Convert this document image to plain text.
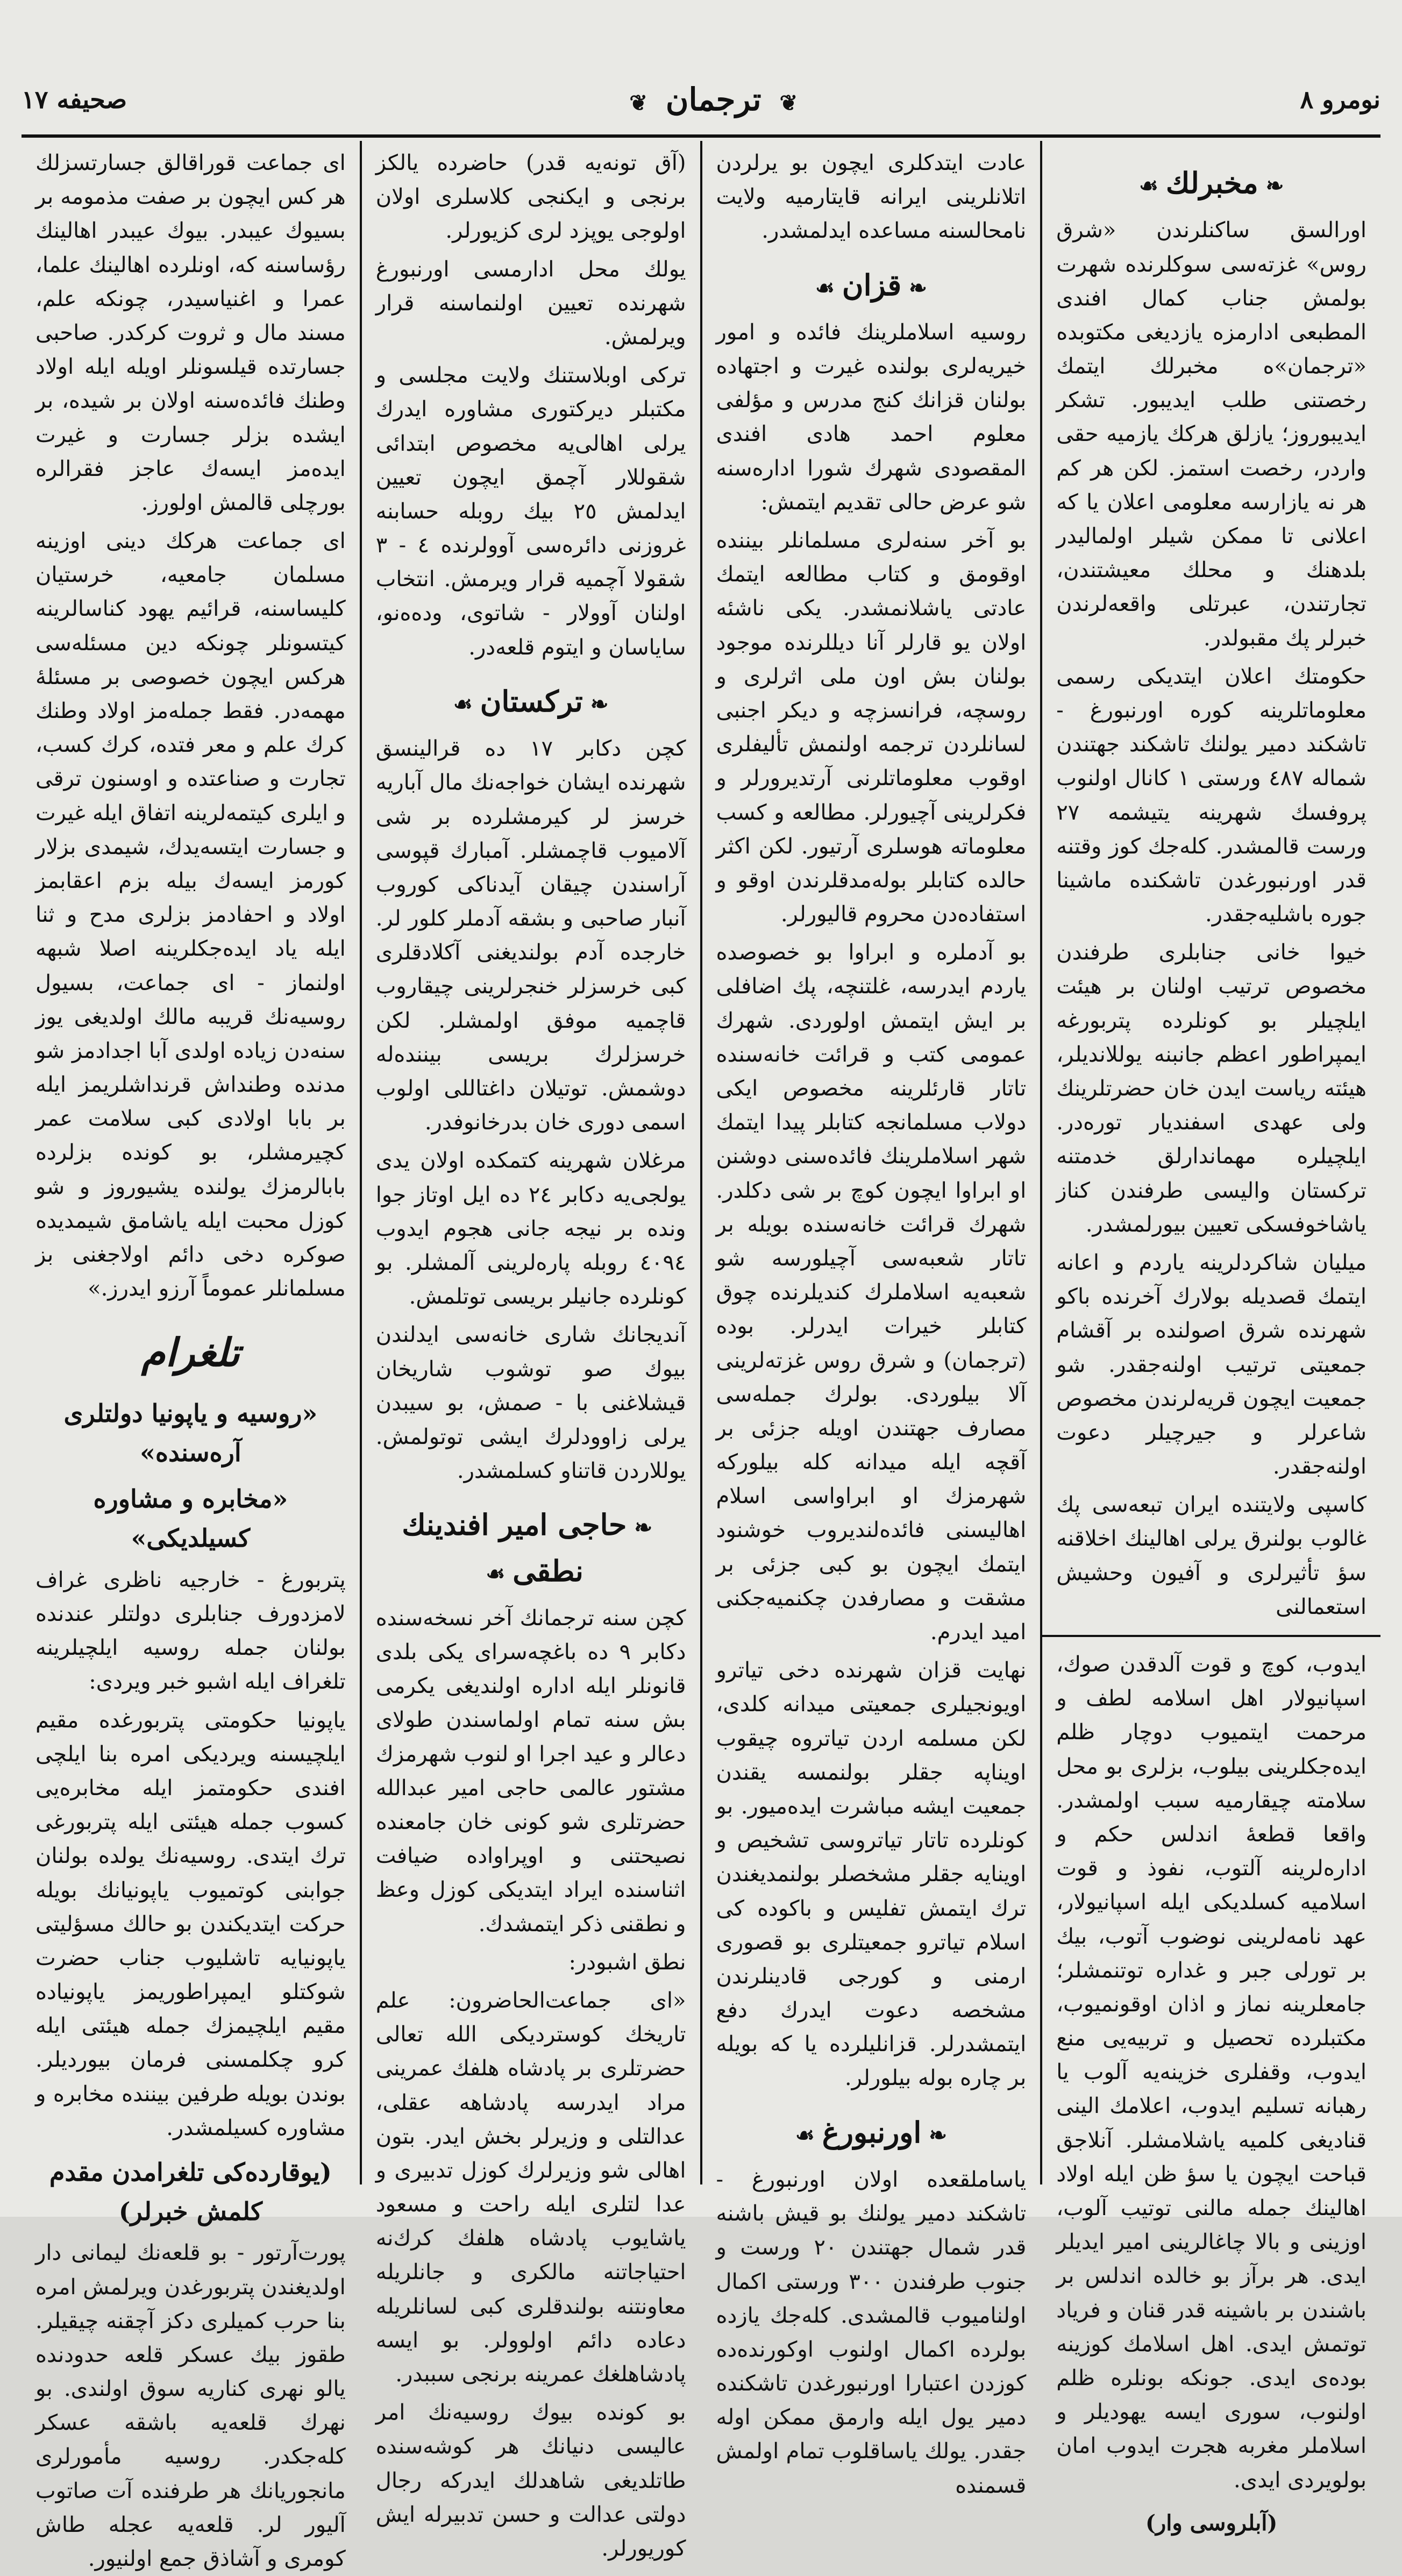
نومرو ٨
❦ ترجمان ❦
صحيفه ١٧
❧مخبرلك☙

اورالسق ساكنلرندن «شرق روس» غزته‌سی سوكلرنده شهرت بولمش جناب كمال افندی المطبعی ادارمزه یازدیغی مكتوبده «ترجمان»ه مخبرلك ایتمك رخصتنی طلب ایدیبور. تشكر ایدیبوروز؛ یازلق هركك یازمیه حقی واردر، رخصت استمز. لكن هر كم هر نه یازارسه معلومی اعلان یا كه اعلانی تا ممكن شیلر اولمالیدر بلدهنك و محلك معیشتندن، تجارتندن، عبرتلی واقعه‌لرندن خبرلر پك مقبولدر.

حكومتك اعلان ایتدیكی رسمی معلوماتلرینه كوره اورنبورغ - تاشكند دمیر یولنك تاشكند جهتندن شماله ٤٨٧ ورستی ١ كانال اولنوب پروفسك شهرینه یتیشمه ٢٧ ورست قالمشدر. كله‌جك كوز وقتنه قدر اورنبورغدن تاشكنده ماشینا جوره باشلیه‌جقدر.

خیوا خانی جنابلری طرفندن مخصوص ترتیب اولنان بر هیئت ایلچیلر بو كونلرده پتربورغه ایمپراطور اعظم جانبنه یوللاندیلر، هیئته ریاست ایدن خان حضرتلرینك ولی عهدی اسفندیار توره‌در. ایلچیلره مهماندارلق خدمتنه تركستان والیسی طرفندن كناز یاشاخوفسكی تعیین بیورلمشدر.

میلیان شاكردلرینه یاردم و اعانه ایتمك قصدیله بولارك آخرنده باكو شهرنده شرق اصولنده بر آقشام جمعیتی ترتیب اولنه‌جقدر. شو جمعیت ایچون قریه‌لرندن مخصوص شاعرلر و جیرچیلر دعوت اولنه‌جقدر.

كاسپی ولایتنده ایران تبعه‌سی پك غالوب بولنرق یرلی اهالینك اخلاقنه سؤ تأثیرلری و آفیون وحشیش استعمالنی

ایدوب، كوچ و قوت آلدقدن صوك، اسپانیولار اهل اسلامه لطف و مرحمت ایتمیوب دوچار ظلم ایده‌جكلرینی بیلوب، بزلری بو محل سلامته چیقارمیه سبب اولمشدر. واقعا قطعۀ اندلس حكم و اداره‌لرینه آلتوب، نفوذ و قوت اسلامیه كسلدیكی ایله اسپانیولار، عهد نامه‌لرینی نوضوب آتوب، بیك بر تورلی جبر و غداره توتنمشلر؛ جامعلرینه نماز و اذان اوقونمیوب، مكتبلرده تحصیل و تربیه‌یی منع ایدوب، وقفلری خزینه‌یه آلوب یا رهبانه تسلیم ایدوب، اعلامك الینی قنادیغی كلمیه یاشلامشلر. آنلاجق قباحت ایچون یا سؤ ظن ایله اولاد اهالینك جمله مالنی توتیب آلوب، اوزینی و بالا چاغالرینی امیر ایدیلر ایدی. هر برآز بو خالده اندلس بر باشندن بر باشینه قدر قنان و فریاد توتمش ایدی. اهل اسلامك كوزینه بوده‌ی ایدی. جونكه بونلره ظلم اولنوب، سوری ایسه یهودیلر و اسلاملر مغربه هجرت ایدوب امان بولویردی ایدی.

(آبلروسی وار)

عادت ایتدكلری ایچون بو یرلردن اتلانلرینی ایرانه قایتارمیه ولایت نامحالسنه مساعده ایدلمشدر.

❧قزان☙

روسیه اسلاملرینك فائده و امور خیریه‌لری بولنده غیرت و اجتهاده بولنان قزانك كنج مدرس و مؤلفی معلوم احمد هادی افندی المقصودی شهرك شورا اداره‌سنه شو عرض حالی تقدیم ایتمش:

بو آخر سنه‌لری مسلمانلر بیننده اوقومق و كتاب مطالعه ایتمك عادتی یاشلانمشدر. یكی ناشئه اولان یو قارلر آنا دیللرنده موجود بولنان بش اون ملی اثرلری و روسچه، فرانسزچه و دیكر اجنبی لسانلردن ترجمه اولنمش تألیفلری اوقوب معلوماتلرنی آرتدیرورلر و فكرلرینی آچیورلر. مطالعه و كسب معلوماته هوسلری آرتیور. لكن اكثر حالده كتابلر بوله‌مدقلرندن اوقو و استفاده‌دن محروم قالیورلر.

بو آدملره و ابراوا بو خصوصده یاردم ایدرسه، غلتنچه، پك اضافلی بر ایش ایتمش اولوردی. شهرك عمومی كتب و قرائت خانه‌سنده تاتار قارئلرینه مخصوص ایكی دولاب مسلمانجه كتابلر پیدا ایتمك شهر اسلاملرینك فائده‌سنی دوشنن او ابراوا ایچون كوچ بر شی دكلدر. شهرك قرائت خانه‌سنده بویله بر تاتار شعبه‌سی آچیلورسه شو شعبه‌یه اسلاملرك كندیلرنده چوق كتابلر خیرات ایدرلر. بوده (ترجمان) و شرق روس غزته‌لرینی آلا بیلوردی. بولرك جمله‌سی مصارف جهتندن اویله جزئی بر آقچه ایله میدانه كله بیلورکه شهرمزك او ابراواسی اسلام اهالیسنی فائده‌لندیروب خوشنود ایتمك ایچون بو كبی جزئی بر مشقت و مصارفدن چكنمیه‌جكنی امید ایدرم.

نهایت قزان شهرنده دخی تیاترو اویونجیلری جمعیتی میدانه كلدی، لكن مسلمه اردن تیاتروه چیقوب اویناپه جقلر بولنمسه یقندن جمعیت ایشه مباشرت ایده‌میور. بو كونلرده تاتار تیاتروسی تشخیص و اوینایه جقلر مشخصلر بولنمدیغندن ترك ایتمش تفلیس و باكوده كی اسلام تیاترو جمعیتلری بو قصوری ارمنی و كورجی قادینلرندن مشخصه دعوت ایدرك دفع ایتمشدرلر. قزانلیلرده یا كه بویله بر چاره بوله بیلورلر.

❧اورنبورغ☙

یاساملقعده اولان اورنبورغ - تاشكند دمیر یولنك بو قیش باشنه قدر شمال جهتندن ٢٠ ورست و جنوب طرفندن ٣٠٠ ورستی اكمال اولنامیوب قالمشدی. كله‌جك یازده بولرده اكمال اولنوب اوكورنده‌ده كوزدن اعتبارا اورنبورغدن تاشكنده دمیر یول ایله وارمق ممكن اوله جقدر. یولك یاساقلوب تمام اولمش قسمنده

(آق تونه‌یه قدر) حاضرده یالكز برنجی و ایكنجی كلاسلری اولان اولوجی یوپزد لری كزیورلر.

یولك محل ادارمسی اورنبورغ شهرنده تعیین اولنماسنه قرار ویرلمش.

تركی اوبلاستنك ولایت مجلسی و مكتبلر دیركتوری مشاوره ایدرك یرلی اهالی‌یه مخصوص ابتدائی شقوللار آچمق ایچون تعیین ایدلمش ٢٥ بیك روبله حسابنه غروزنی دائره‌سی آوولرنده ٤ - ٣ شقولا آچمیه قرار ویرمش. انتخاب اولنان آوولار - شاتوی، وده‌ه‌نو، سایاسان و ایتوم قلعه‌در.

❧تركستان☙

كچن دكابر ١٧ ده قرالینسق شهرنده ایشان خواجه‌نك مال آباریه خرسز لر كیرمشلرده بر شی آلامیوب قاچمشلر. آمبارك قپوسی آراسندن چیقان آیدناكی كوروب آنبار صاحبی و بشقه آدملر كلور لر. خارجده آدم بولندیغنی آكلادقلری كبی خرسزلر خنجرلرینی چیقاروب قاچمیه موفق اولمشلر. لكن خرسزلرك بریسی بیننده‌له دوشمش. توتیلان داغتاللی اولوب اسمی دوری خان بدرخانوفدر.

مرغلان شهرینه كتمكده اولان یدی یولجی‌یه دكابر ٢٤ ده ایل اوتاز جوا ونده بر نیجه جانی هجوم ایدوب ٤٠٩٤ روبله پارەلرینی آلمشلر. بو كونلرده جانیلر بریسی توتلمش.

آندیجانك شاری خانه‌سی ایدلندن بیوك صو توشوب شاریخان قیشلاغنی با - صمش، بو سیبدن یرلی زاوودلرك ایشی توتولمش. یوللاردن قاتناو كسلمشدر.

❧حاجی امیر افندینك نطقی☙

كچن سنه ترجمانك آخر نسخه‌سنده دكابر ٩ ده باغچه‌سرای یكی بلدی قانونلر ایله اداره اولندیغی یكرمی بش سنه تمام اولماسندن طولای دعالر و عید اجرا او لنوب شهرمزك مشتور عالمی حاجی امیر عبدالله حضرتلری شو كونی خان جامعنده نصیحتنی و اوپراواده ضیافت اثناسنده ایراد ایتدیكی كوزل وعظ و نطقنی ذكر ایتمشدك.

نطق اشبودر:

«ای جماعت‌الحاضرون: علم تاریخك كوستردیكی الله تعالی حضرتلری بر پادشاه هلفك عمرینی مراد ایدرسه پادشاهه عقلی، عدالتلی و وزیرلر بخش ایدر. بتون اهالی شو وزیرلرك كوزل تدبیری و عدا لتلری ایله راحت و مسعود یاشایوب پادشاه هلفك كرك‌نه احتیاجاتنه مالكری و جانلریله معاونتنه بولندقلری كبی لسانلریله دعاده دائم اولوولر. بو ایسه پادشاهلغك عمرینه برنجی سببدر.

بو كونده بیوك روسیه‌نك امر عالیسی دنیانك هر كوشه‌سنده طاتلدیغی شاهدلك ایدرکه رجال دولتی عدالت و حسن تدبیرله ایش كوریورلر.

ای جماعت قوراقالق جسارتسزلك هر كس ایچون بر صفت مذمومه بر بسیوك عیبدر. بیوك عیبدر اهالینك رؤساسنه كه، اونلرده اهالینك علما، عمرا و اغنیاسیدر، چونكه علم، مسند مال و ثروت كركدر. صاحبی جسارتده قیلسونلر اویله ایله اولاد وطنك فائده‌سنه اولان بر شیده، بر ایشده بزلر جسارت و غیرت ایده‌مز ایسه‌ك عاجز فقرالره بورچلی قالمش اولورز.

ای جماعت هركك دینی اوزینه مسلمان جامعیه، خرستیان كلیساسنه، قرائیم یهود كناسالرینه كیتسونلر چونكه دین مسئله‌سی هركس ایچون خصوصی بر مسئلۀ مهمه‌در. فقط جمله‌مز اولاد وطنك كرك علم و معر فتده، كرك كسب، تجارت و صناعتده و اوسنون ترقی و ایلری كیتمه‌لرینه اتفاق ایله غیرت و جسارت ایتسه‌یدك، شیمدی بزلار كورمز ایسه‌ك بیله بزم اعقابمز اولاد و احفادمز بزلری مدح و ثنا ایله یاد ایده‌جكلرینه اصلا شبهه اولنماز - ای جماعت، بسیول روسیه‌نك قریبه مالك اولدیغی یوز سنه‌دن زیاده اولدی آبا اجدادمز شو مدنده وطنداش قرنداشلریمز ایله بر بابا اولادی كبی سلامت عمر كچیرمشلر، بو كونده بزلرده بابالرمزك یولنده یشیوروز و شو كوزل محبت ایله یاشامق شیمدیده صوكره دخی دائم اولاجغنی بز مسلمانلر عموماً آرزو ایدرز.»

تلغرام
«روسیه و یاپونیا دولتلری آره‌سنده»
«مخابره و مشاوره كسیلدیكی»

پتربورغ - خارجیه ناظری غراف لامزدورف جنابلری دولتلر عندنده بولنان جمله روسیه ایلچیلرینه تلغراف ایله اشبو خبر ویردی:

یاپونیا حكومتی پتربورغده مقیم ایلچیسنه ویردیكی امره بنا ایلچی افندی حكومتمز ایله مخابره‌یی كسوب جمله هیئتی ایله پتربورغی ترك ایتدی. روسیه‌نك یولده بولنان جوابنی كوتمیوب یاپونیانك بویله حركت ایتدیكندن بو حالك مسؤلیتی یاپونیایه تاشلیوب جناب حضرت شوكتلو ایمپراطوریمز یاپونیاده مقیم ایلچیمزك جمله هیئتی ایله كرو چكلمسنی فرمان بیوردیلر. بوندن بویله طرفین بیننده مخابره و مشاوره كسیلمشدر.

(یوقارده‌كی تلغرامدن مقدم كلمش خبرلر)

پورت‌آرتور - بو قلعه‌نك لیمانی دار اولدیغندن پتربورغدن ویرلمش امره بنا حرب كمیلری دكز آچقنه چیقیلر. طقوز بیك عسكر قلعه حدودنده یالو نهری كناریه سوق اولندی. بو نهرك قلعه‌یه باشقه عسكر كله‌جكدر. روسیه مأمورلری مانجوریانك هر طرفنده آت صاتوب آلیور لر. قلعه‌یه عجله طاش كومری و آشاذق جمع اولنیور.
